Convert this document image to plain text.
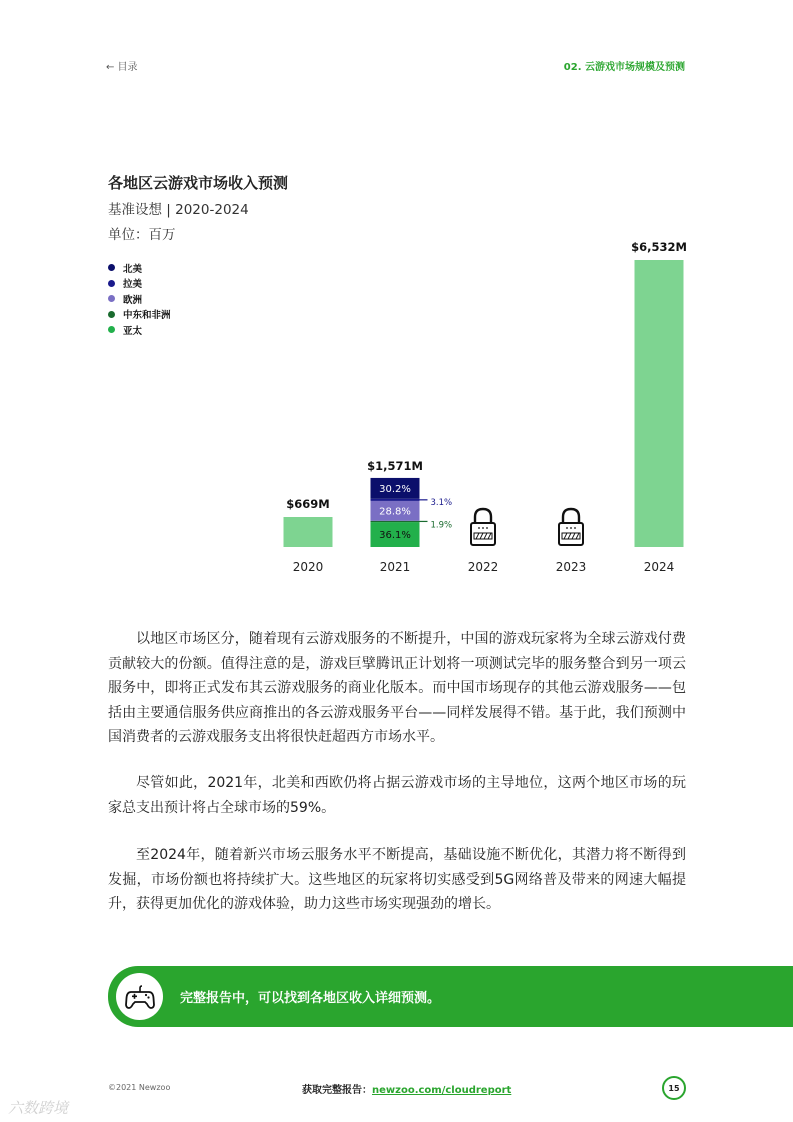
← 目录	02. 云游戏市场规模及预测
各地区云游戏市场收入预测
基准设想 | 2020-2024
单位：百万
北美
拉美
欧洲
中东和非洲
亚太
2020
$669M
2021
30.2%
3.1%
28.8%
1.9%
36.1%
$1,571M
2022	2023	2024
$6,532M

以地区市场区分，随着现有云游戏服务的不断提升，中国的游戏玩家将为全球云游戏付费贡献较大的份额。值得注意的是，游戏巨擘腾讯正计划将一项测试完毕的服务整合到另一项云服务中，即将正式发布其云游戏服务的商业化版本。而中国市场现存的其他云游戏服务——包括由主要通信服务供应商推出的各云游戏服务平台——同样发展得不错。基于此，我们预测中国消费者的云游戏服务支出将很快赶超西方市场水平。

尽管如此，2021年，北美和西欧仍将占据云游戏市场的主导地位，这两个地区市场的玩家总支出预计将占全球市场的59%。

至2024年，随着新兴市场云服务水平不断提高，基础设施不断优化，其潜力将不断得到发掘，市场份额也将持续扩大。这些地区的玩家将切实感受到5G网络普及带来的网速大幅提升，获得更加优化的游戏体验，助力这些市场实现强劲的增长。

完整报告中，可以找到各地区收入详细预测。
©2021 Newzoo	获取完整报告：newzoo.com/cloudreport	15
六数跨境
